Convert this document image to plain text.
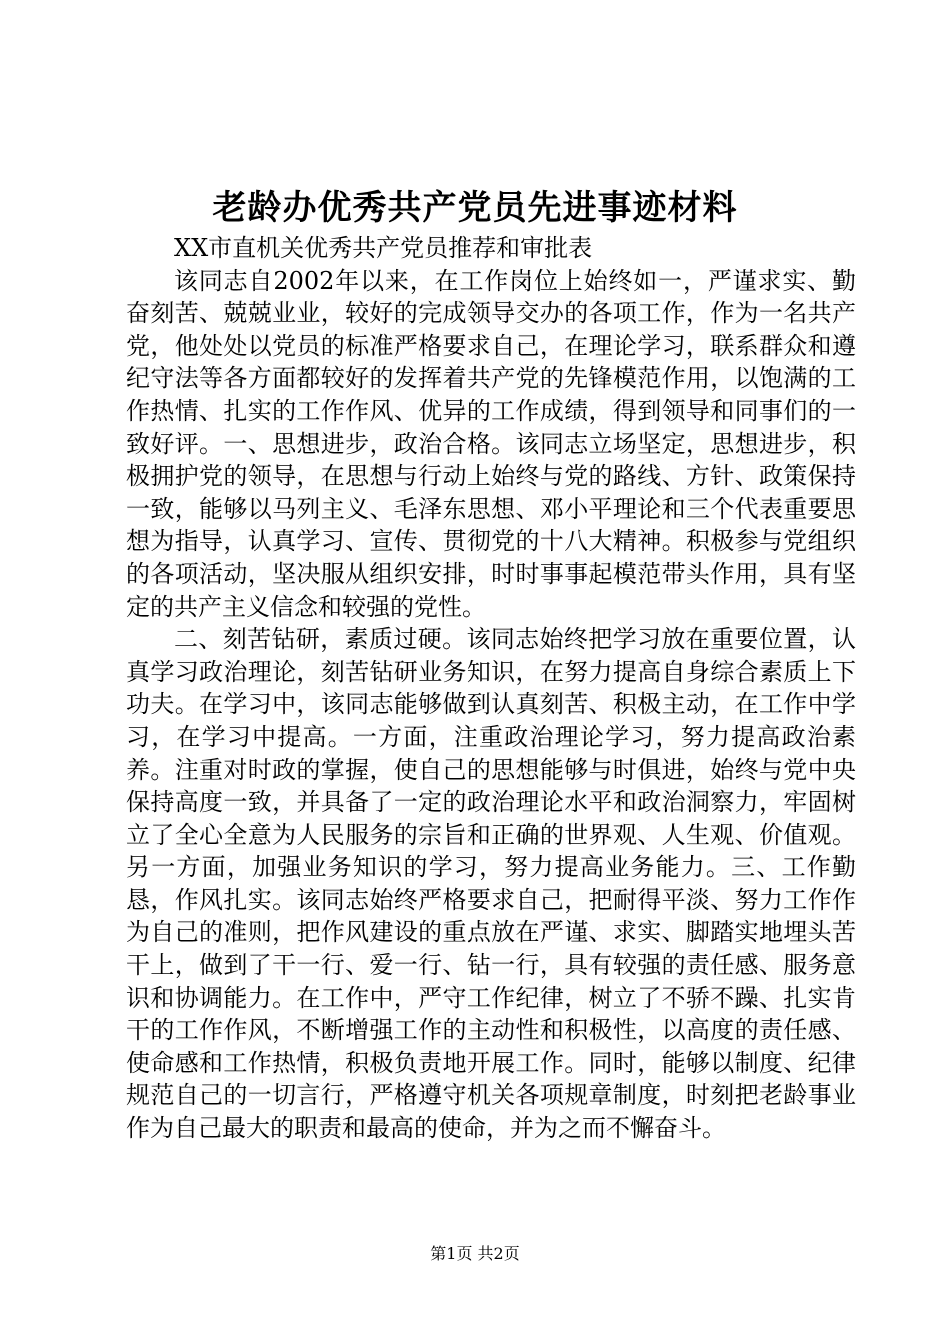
老龄办优秀共产党员先进事迹材料

XX市直机关优秀共产党员推荐和审批表

该同志自2002年以来，在工作岗位上始终如一，严谨求实、勤奋刻苦、兢兢业业，较好的完成领导交办的各项工作，作为一名共产党，他处处以党员的标准严格要求自己，在理论学习，联系群众和遵纪守法等各方面都较好的发挥着共产党的先锋模范作用，以饱满的工作热情、扎实的工作作风、优异的工作成绩，得到领导和同事们的一致好评。一、思想进步，政治合格。该同志立场坚定，思想进步，积极拥护党的领导，在思想与行动上始终与党的路线、方针、政策保持一致，能够以马列主义、毛泽东思想、邓小平理论和三个代表重要思想为指导，认真学习、宣传、贯彻党的十八大精神。积极参与党组织的各项活动，坚决服从组织安排，时时事事起模范带头作用，具有坚定的共产主义信念和较强的党性。

二、刻苦钻研，素质过硬。该同志始终把学习放在重要位置，认真学习政治理论，刻苦钻研业务知识，在努力提高自身综合素质上下功夫。在学习中，该同志能够做到认真刻苦、积极主动，在工作中学习，在学习中提高。一方面，注重政治理论学习，努力提高政治素养。注重对时政的掌握，使自己的思想能够与时俱进，始终与党中央保持高度一致，并具备了一定的政治理论水平和政治洞察力，牢固树立了全心全意为人民服务的宗旨和正确的世界观、人生观、价值观。另一方面，加强业务知识的学习，努力提高业务能力。三、工作勤恳，作风扎实。该同志始终严格要求自己，把耐得平淡、努力工作作为自己的准则，把作风建设的重点放在严谨、求实、脚踏实地埋头苦干上，做到了干一行、爱一行、钻一行，具有较强的责任感、服务意识和协调能力。在工作中，严守工作纪律，树立了不骄不躁、扎实肯干的工作作风，不断增强工作的主动性和积极性，以高度的责任感、使命感和工作热情，积极负责地开展工作。同时，能够以制度、纪律规范自己的一切言行，严格遵守机关各项规章制度，时刻把老龄事业作为自己最大的职责和最高的使命，并为之而不懈奋斗。

第1页 共2页
